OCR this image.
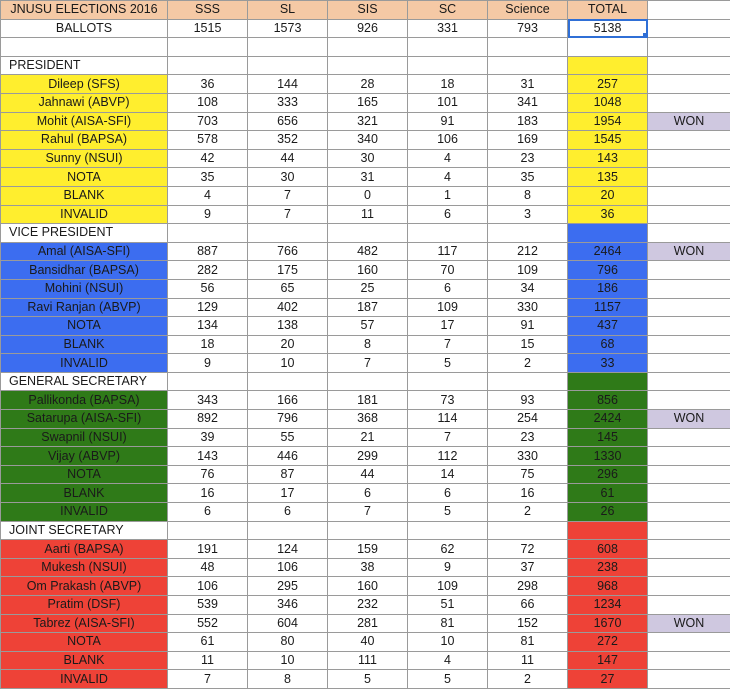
JNUSU ELECTIONS 2016	SSS	SL	SIS	SC	Science	TOTAL	
BALLOTS	1515	1573	926	331	793	5138

PRESIDENT							
Dileep (SFS)	36	144	28	18	31	257	
Jahnawi (ABVP)	108	333	165	101	341	1048	
Mohit (AISA-SFI)	703	656	321	91	183	1954	WON
Rahul (BAPSA)	578	352	340	106	169	1545	
Sunny (NSUI)	42	44	30	4	23	143	
NOTA	35	30	31	4	35	135	
BLANK	4	7	0	1	8	20	
INVALID	9	7	11	6	3	36	
VICE PRESIDENT							
Amal (AISA-SFI)	887	766	482	117	212	2464	WON
Bansidhar (BAPSA)	282	175	160	70	109	796	
Mohini (NSUI)	56	65	25	6	34	186	
Ravi Ranjan (ABVP)	129	402	187	109	330	1157	
NOTA	134	138	57	17	91	437	
BLANK	18	20	8	7	15	68	
INVALID	9	10	7	5	2	33	
GENERAL SECRETARY							
Pallikonda (BAPSA)	343	166	181	73	93	856	
Satarupa (AISA-SFI)	892	796	368	114	254	2424	WON
Swapnil (NSUI)	39	55	21	7	23	145	
Vijay (ABVP)	143	446	299	112	330	1330	
NOTA	76	87	44	14	75	296	
BLANK	16	17	6	6	16	61	
INVALID	6	6	7	5	2	26	
JOINT SECRETARY							
Aarti (BAPSA)	191	124	159	62	72	608	
Mukesh (NSUI)	48	106	38	9	37	238	
Om Prakash (ABVP)	106	295	160	109	298	968	
Pratim (DSF)	539	346	232	51	66	1234	
Tabrez (AISA-SFI)	552	604	281	81	152	1670	WON
NOTA	61	80	40	10	81	272	
BLANK	11	10	111	4	11	147	
INVALID	7	8	5	5	2	27	
